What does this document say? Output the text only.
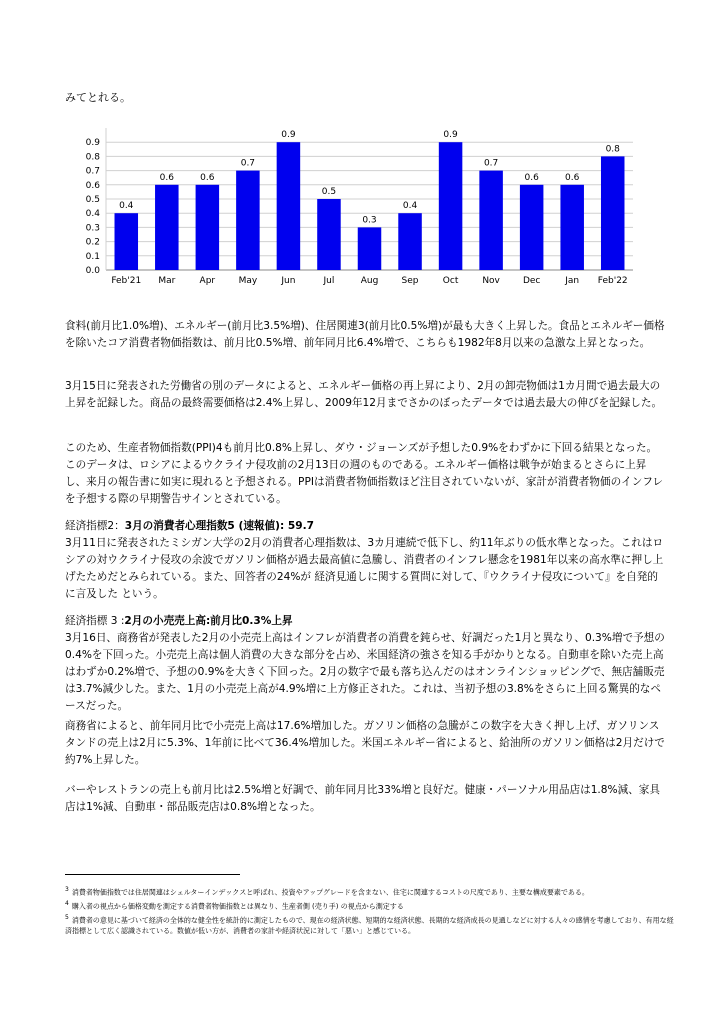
みてとれる。
0.0
0.1
0.2
0.3
0.4
0.5
0.6
0.7
0.8
0.9
0.4
Feb'21
0.6
Mar
0.6
Apr
0.7
May
0.9
Jun
0.5
Jul
0.3
Aug
0.4
Sep
0.9
Oct
0.7
Nov
0.6
Dec
0.6
Jan
0.8
Feb'22

食料(前月比1.0%増)、エネルギー(前月比3.5%増)、住居関連3(前月比0.5%増)が最も大きく上昇した。食品とエネルギー価格を除いたコア消費者物価指数は、前月比0.5%増、前年同月比6.4%増で、こちらも1982年8月以来の急激な上昇となった。

3月15日に発表された労働省の別のデータによると、エネルギー価格の再上昇により、2月の卸売物価は1カ月間で過去最大の上昇を記録した。商品の最終需要価格は2.4%上昇し、2009年12月までさかのぼったデータでは過去最大の伸びを記録した。

このため、生産者物価指数(PPI)4も前月比0.8%上昇し、ダウ・ジョーンズが予想した0.9%をわずかに下回る結果となった。このデータは、ロシアによるウクライナ侵攻前の2月13日の週のものである。エネルギー価格は戦争が始まるとさらに上昇し、来月の報告書に如実に現れると予想される。PPIは消費者物価指数ほど注目されていないが、家計が消費者物価のインフレを予想する際の早期警告サインとされている。

経済指標2：3月の消費者心理指数5 (速報値): 59.7

3月11日に発表されたミシガン大学の2月の消費者心理指数は、3カ月連続で低下し、約11年ぶりの低水準となった。これはロシアの対ウクライナ侵攻の余波でガソリン価格が過去最高値に急騰し、消費者のインフレ懸念を1981年以来の高水準に押し上げたためだとみられている。また、回答者の24%が 経済見通しに関する質問に対して、『ウクライナ侵攻について』を自発的に言及した という。

経済指標 3 :2月の小売売上高:前月比0.3%上昇

3月16日、商務省が発表した2月の小売売上高はインフレが消費者の消費を鈍らせ、好調だった1月と異なり、0.3%増で予想の0.4%を下回った。小売売上高は個人消費の大きな部分を占め、米国経済の強さを知る手がかりとなる。自動車を除いた売上高はわずか0.2%増で、予想の0.9%を大きく下回った。2月の数字で最も落ち込んだのはオンラインショッピングで、無店舗販売は3.7%減少した。また、1月の小売売上高が4.9%増に上方修正された。これは、当初予想の3.8%をさらに上回る驚異的なペースだった。

商務省によると、前年同月比で小売売上高は17.6%増加した。ガソリン価格の急騰がこの数字を大きく押し上げ、ガソリンスタンドの売上は2月に5.3%、1年前に比べて36.4%増加した。米国エネルギー省によると、給油所のガソリン価格は2月だけで約7%上昇した。

バーやレストランの売上も前月比は2.5%増と好調で、前年同月比33%増と良好だ。健康・パーソナル用品店は1.8%減、家具店は1%減、自動車・部品販売店は0.8%増となった。

$^3$ 消費者物価指数では住居関連はシェルターインデックスと呼ばれ、投資やアップグレードを含まない、住宅に関連するコストの尺度であり、主要な構成要素である。

$^4$ 購入者の視点から価格変動を測定する消費者物価指数とは異なり、生産者側 (売り手) の視点から測定する

$^5$ 消費者の意見に基づいて経済の全体的な健全性を統計的に測定したもので、現在の経済状態、短期的な経済状態、長期的な経済成長の見通しなどに対する人々の感情を考慮しており、有用な経済指標として広く認識されている。数値が低い方が、消費者の家計や経済状況に対して「悪い」と感じている。
